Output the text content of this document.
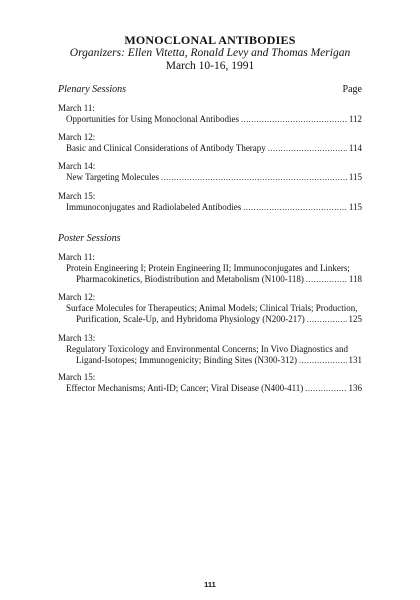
MONOCLONAL ANTIBODIES
Organizers: Ellen Vitetta, Ronald Levy and Thomas Merigan
March 10-16, 1991
Plenary Sessions	Page
March 11:
Opportunities for Using Monoclonal Antibodies .....	112
March 12:
Basic and Clinical Considerations of Antibody Therapy .....	114
March 14:
New Targeting Molecules .....	115
March 15:
Immunoconjugates and Radiolabeled Antibodies .....	115
Poster Sessions
March 11:
Protein Engineering I; Protein Engineering II; Immunoconjugates and Linkers;
Pharmacokinetics, Biodistribution and Metabolism (N100-118) .....	118
March 12:
Surface Molecules for Therapeutics; Animal Models; Clinical Trials; Production,
Purification, Scale-Up, and Hybridoma Physiology (N200-217) .....	125
March 13:
Regulatory Toxicology and Environmental Concerns; In Vivo Diagnostics and
Ligand-Isotopes; Immunogenicity; Binding Sites (N300-312) .....	131
March 15:
Effector Mechanisms; Anti-ID; Cancer; Viral Disease (N400-411) .....	136
111
